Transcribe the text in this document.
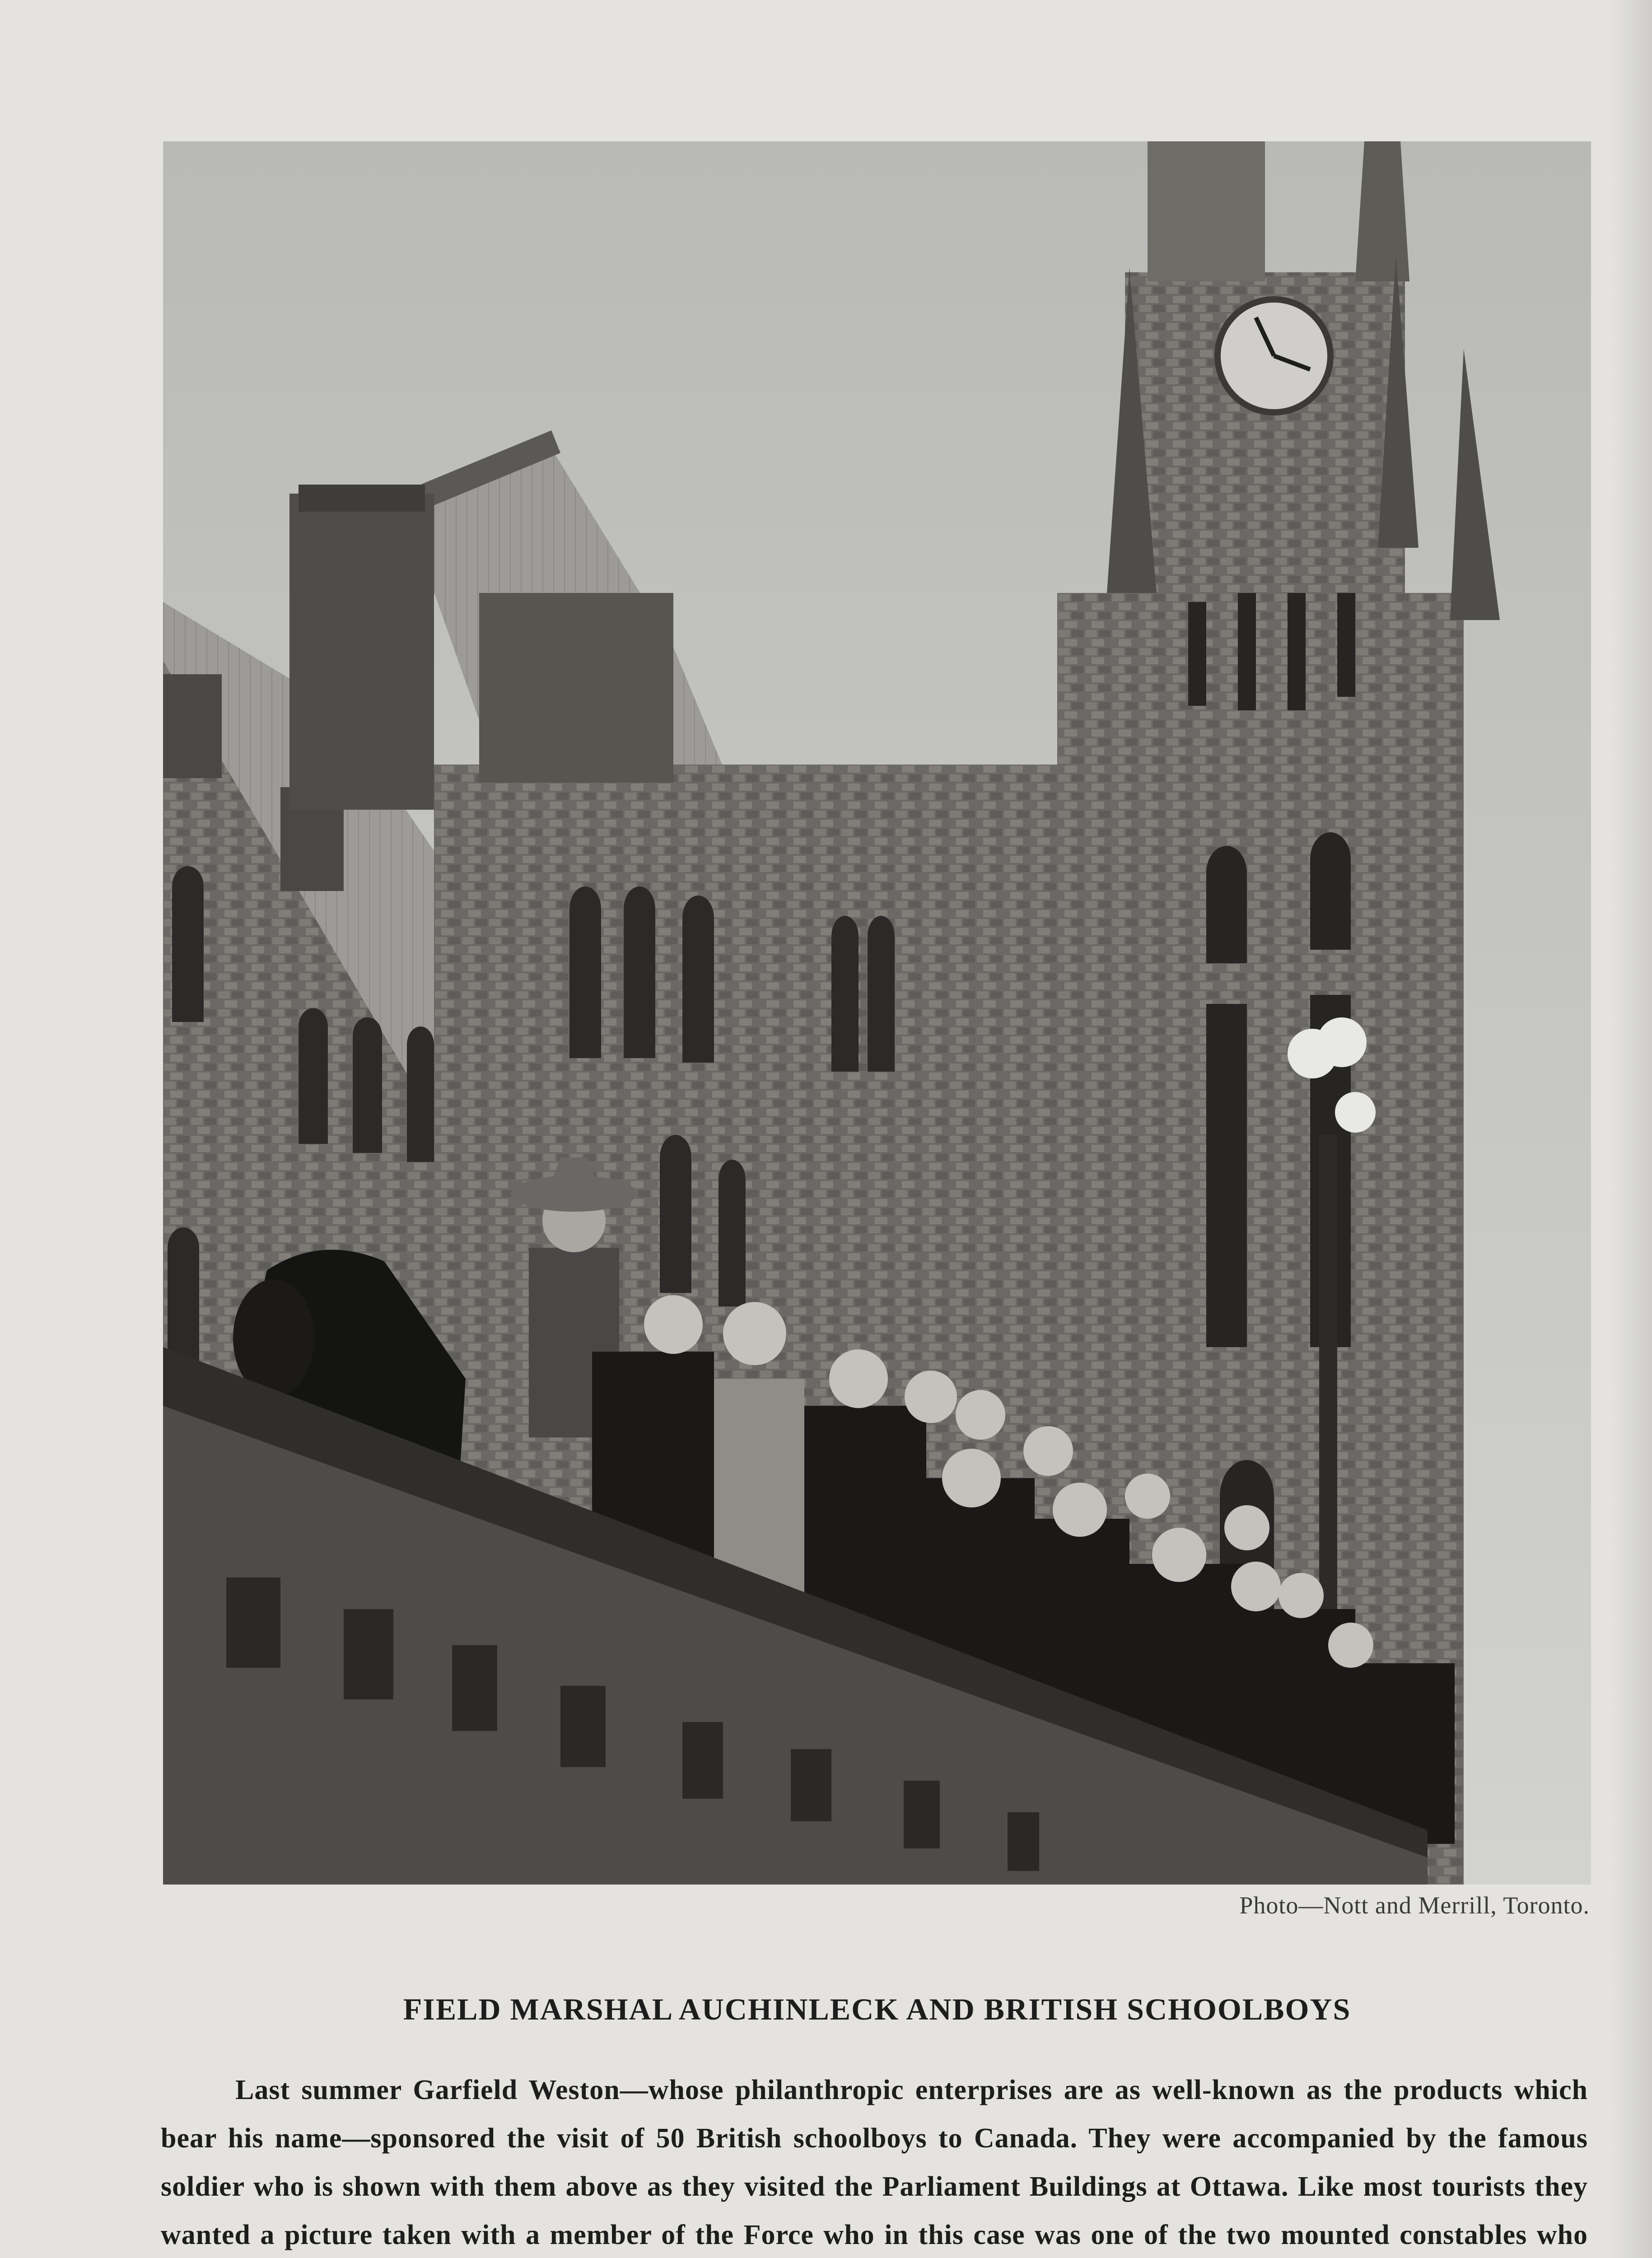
Photo—Nott and Merrill, Toronto.
FIELD MARSHAL AUCHINLECK AND BRITISH SCHOOLBOYS
Last summer Garfield Weston—whose philanthropic enterprises are as well-known as the products which bear his name—sponsored the visit of 50 British schoolboys to Canada. They were accompanied by the famous soldier who is shown with them above as they visited the Parliament Buildings at Ottawa. Like most tourists they wanted a picture taken with a member of the Force who in this case was one of the two mounted constables who
